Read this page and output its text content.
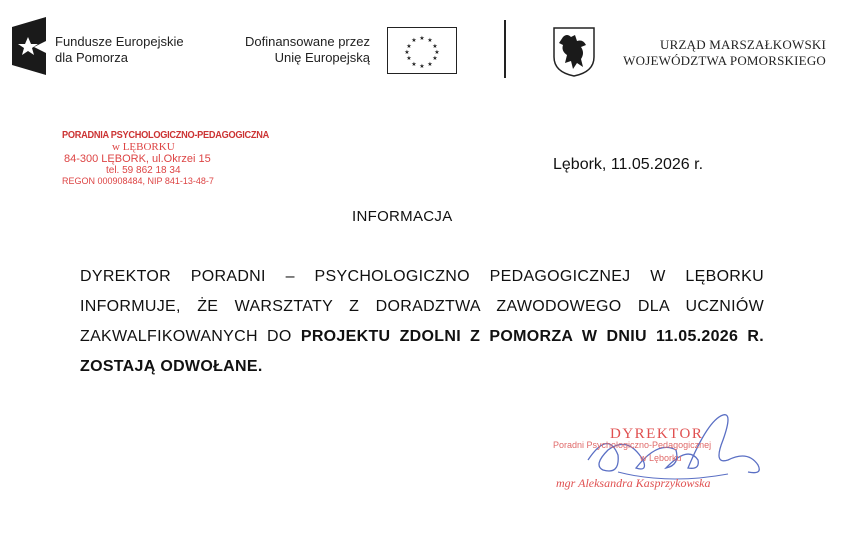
Fundusze Europejskie
dla Pomorza
Dofinansowane przez
Unię Europejską
★ ★
★
★
★
★
★
★
★
★
★
★	URZĄD MARSZAŁKOWSKI
WOJEWÓDZTWA POMORSKIEGO
PORADNIA PSYCHOLOGICZNO-PEDAGOGICZNA
w LĘBORKU
84-300 LĘBORK, ul.Okrzei 15
tel. 59 862 18 34
REGON 000908484, NIP 841-13-48-7
Lębork, 11.05.2026 r.
INFORMACJA
DYREKTOR PORADNI – PSYCHOLOGICZNO PEDAGOGICZNEJ W LĘBORKU INFORMUJE, ŻE WARSZTATY Z DORADZTWA ZAWODOWEGO DLA UCZNIÓW ZAKWALFIKOWANYCH DO PROJEKTU ZDOLNI Z POMORZA W DNIU 11.05.2026 R. ZOSTAJĄ ODWOŁANE.
DYREKTOR
Poradni Psychologiczno-Pedagogicznej
w Lęborku
mgr Aleksandra Kasprzykowska
